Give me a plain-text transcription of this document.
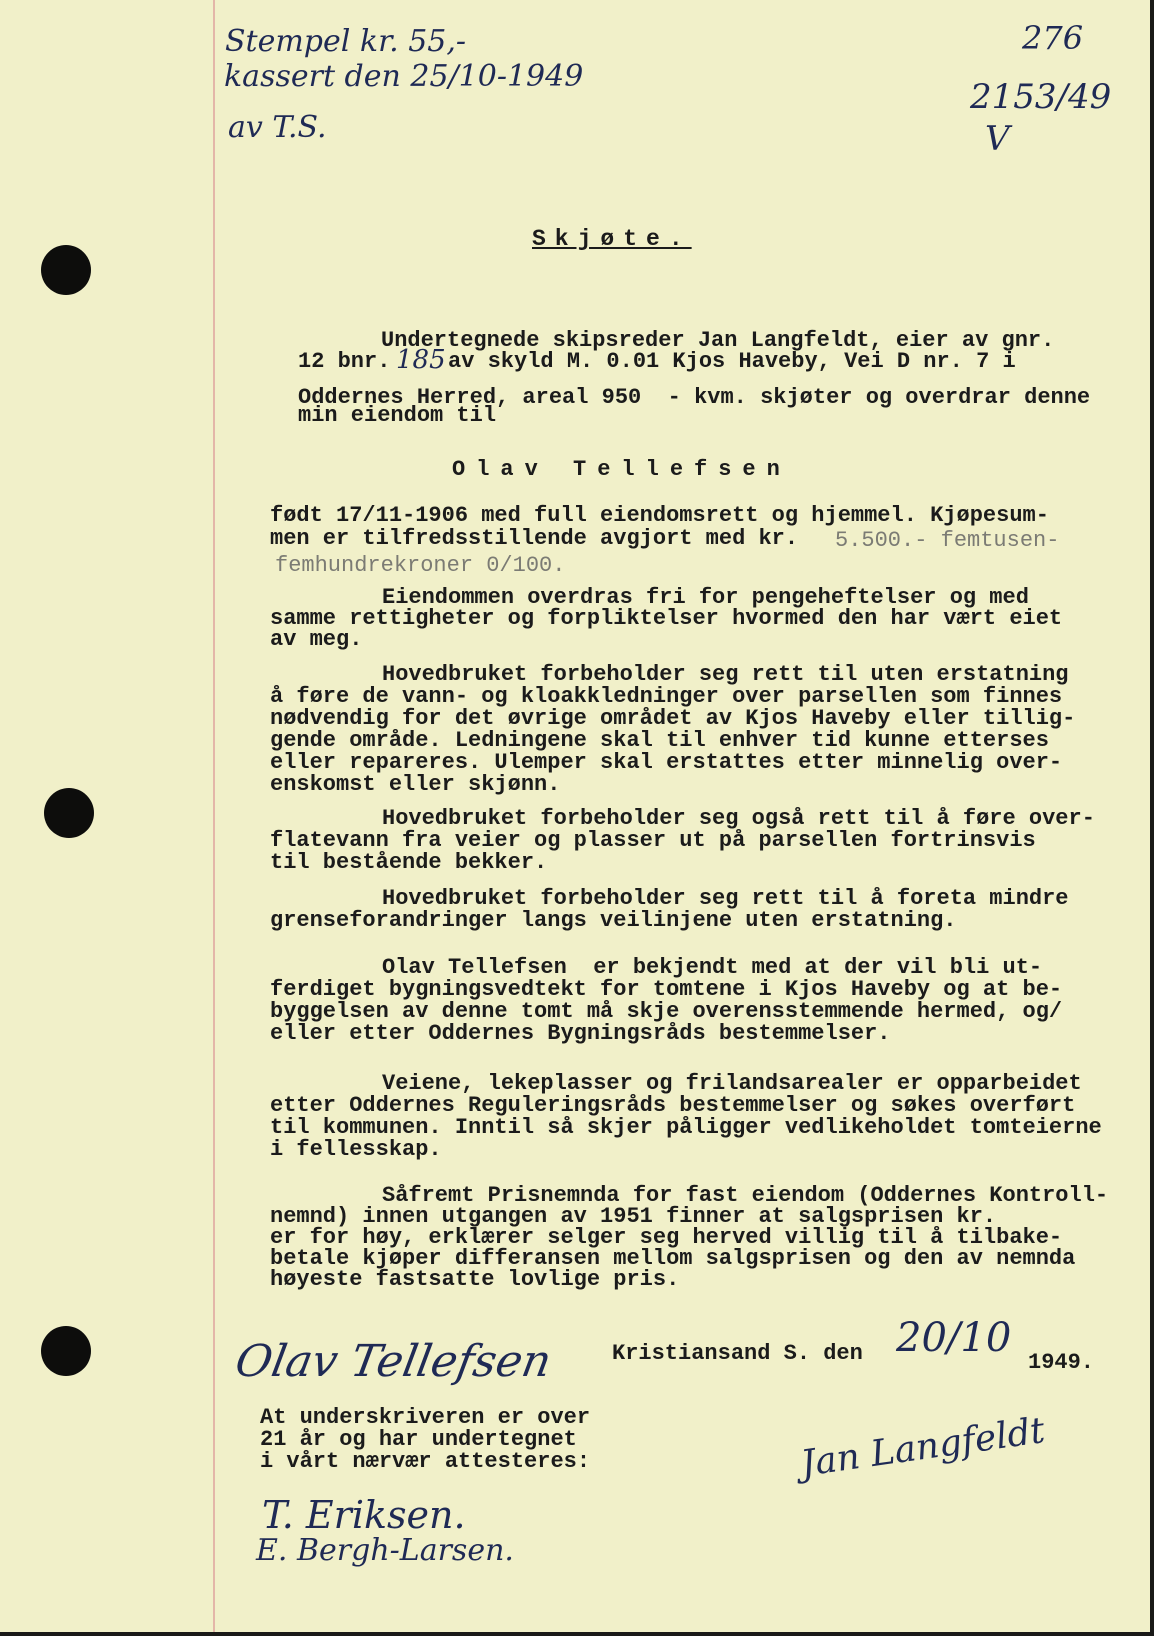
Stempel kr. 55,-
kassert den 25/10-1949
av T.S.
276
2153/49
V
Skjøte.
Undertegnede skipsreder Jan Langfeldt, eier av gnr.
12 bnr. 185 av skyld M. 0.01 Kjos Haveby, Vei D nr. 7 i
Oddernes Herred, areal 950  - kvm. skjøter og overdrar denne
min eiendom til
Olav Tellefsen
født 17/11-1906 med full eiendomsrett og hjemmel. Kjøpesum-
men er tilfredsstillende avgjort med kr. 5.500.- femtusen-
femhundrekroner 0/100.
Eiendommen overdras fri for pengeheftelser og med
samme rettigheter og forpliktelser hvormed den har vært eiet
av meg.
Hovedbruket forbeholder seg rett til uten erstatning
å føre de vann- og kloakkledninger over parsellen som finnes
nødvendig for det øvrige området av Kjos Haveby eller tillig-
gende område. Ledningene skal til enhver tid kunne etterses
eller repareres. Ulemper skal erstattes etter minnelig over-
enskomst eller skjønn.
Hovedbruket forbeholder seg også rett til å føre over-
flatevann fra veier og plasser ut på parsellen fortrinsvis
til bestående bekker.
Hovedbruket forbeholder seg rett til å foreta mindre
grenseforandringer langs veilinjene uten erstatning.
Olav Tellefsen  er bekjendt med at der vil bli ut-
ferdiget bygningsvedtekt for tomtene i Kjos Haveby og at be-
byggelsen av denne tomt må skje overensstemmende hermed, og/
eller etter Oddernes Bygningsråds bestemmelser.
Veiene, lekeplasser og frilandsarealer er opparbeidet
etter Oddernes Reguleringsråds bestemmelser og søkes overført
til kommunen. Inntil så skjer påligger vedlikeholdet tomteierne
i fellesskap.
Såfremt Prisnemnda for fast eiendom (Oddernes Kontroll-
nemnd) innen utgangen av 1951 finner at salgsprisen kr.
er for høy, erklærer selger seg herved villig til å tilbake-
betale kjøper differansen mellom salgsprisen og den av nemnda
høyeste fastsatte lovlige pris.
Olav Tellefsen	Kristiansand S. den 20/10
1949.
Jan Langfeldt
At underskriveren er over
21 år og har undertegnet
i vårt nærvær attesteres:
T. Eriksen.
E. Bergh-Larsen.
